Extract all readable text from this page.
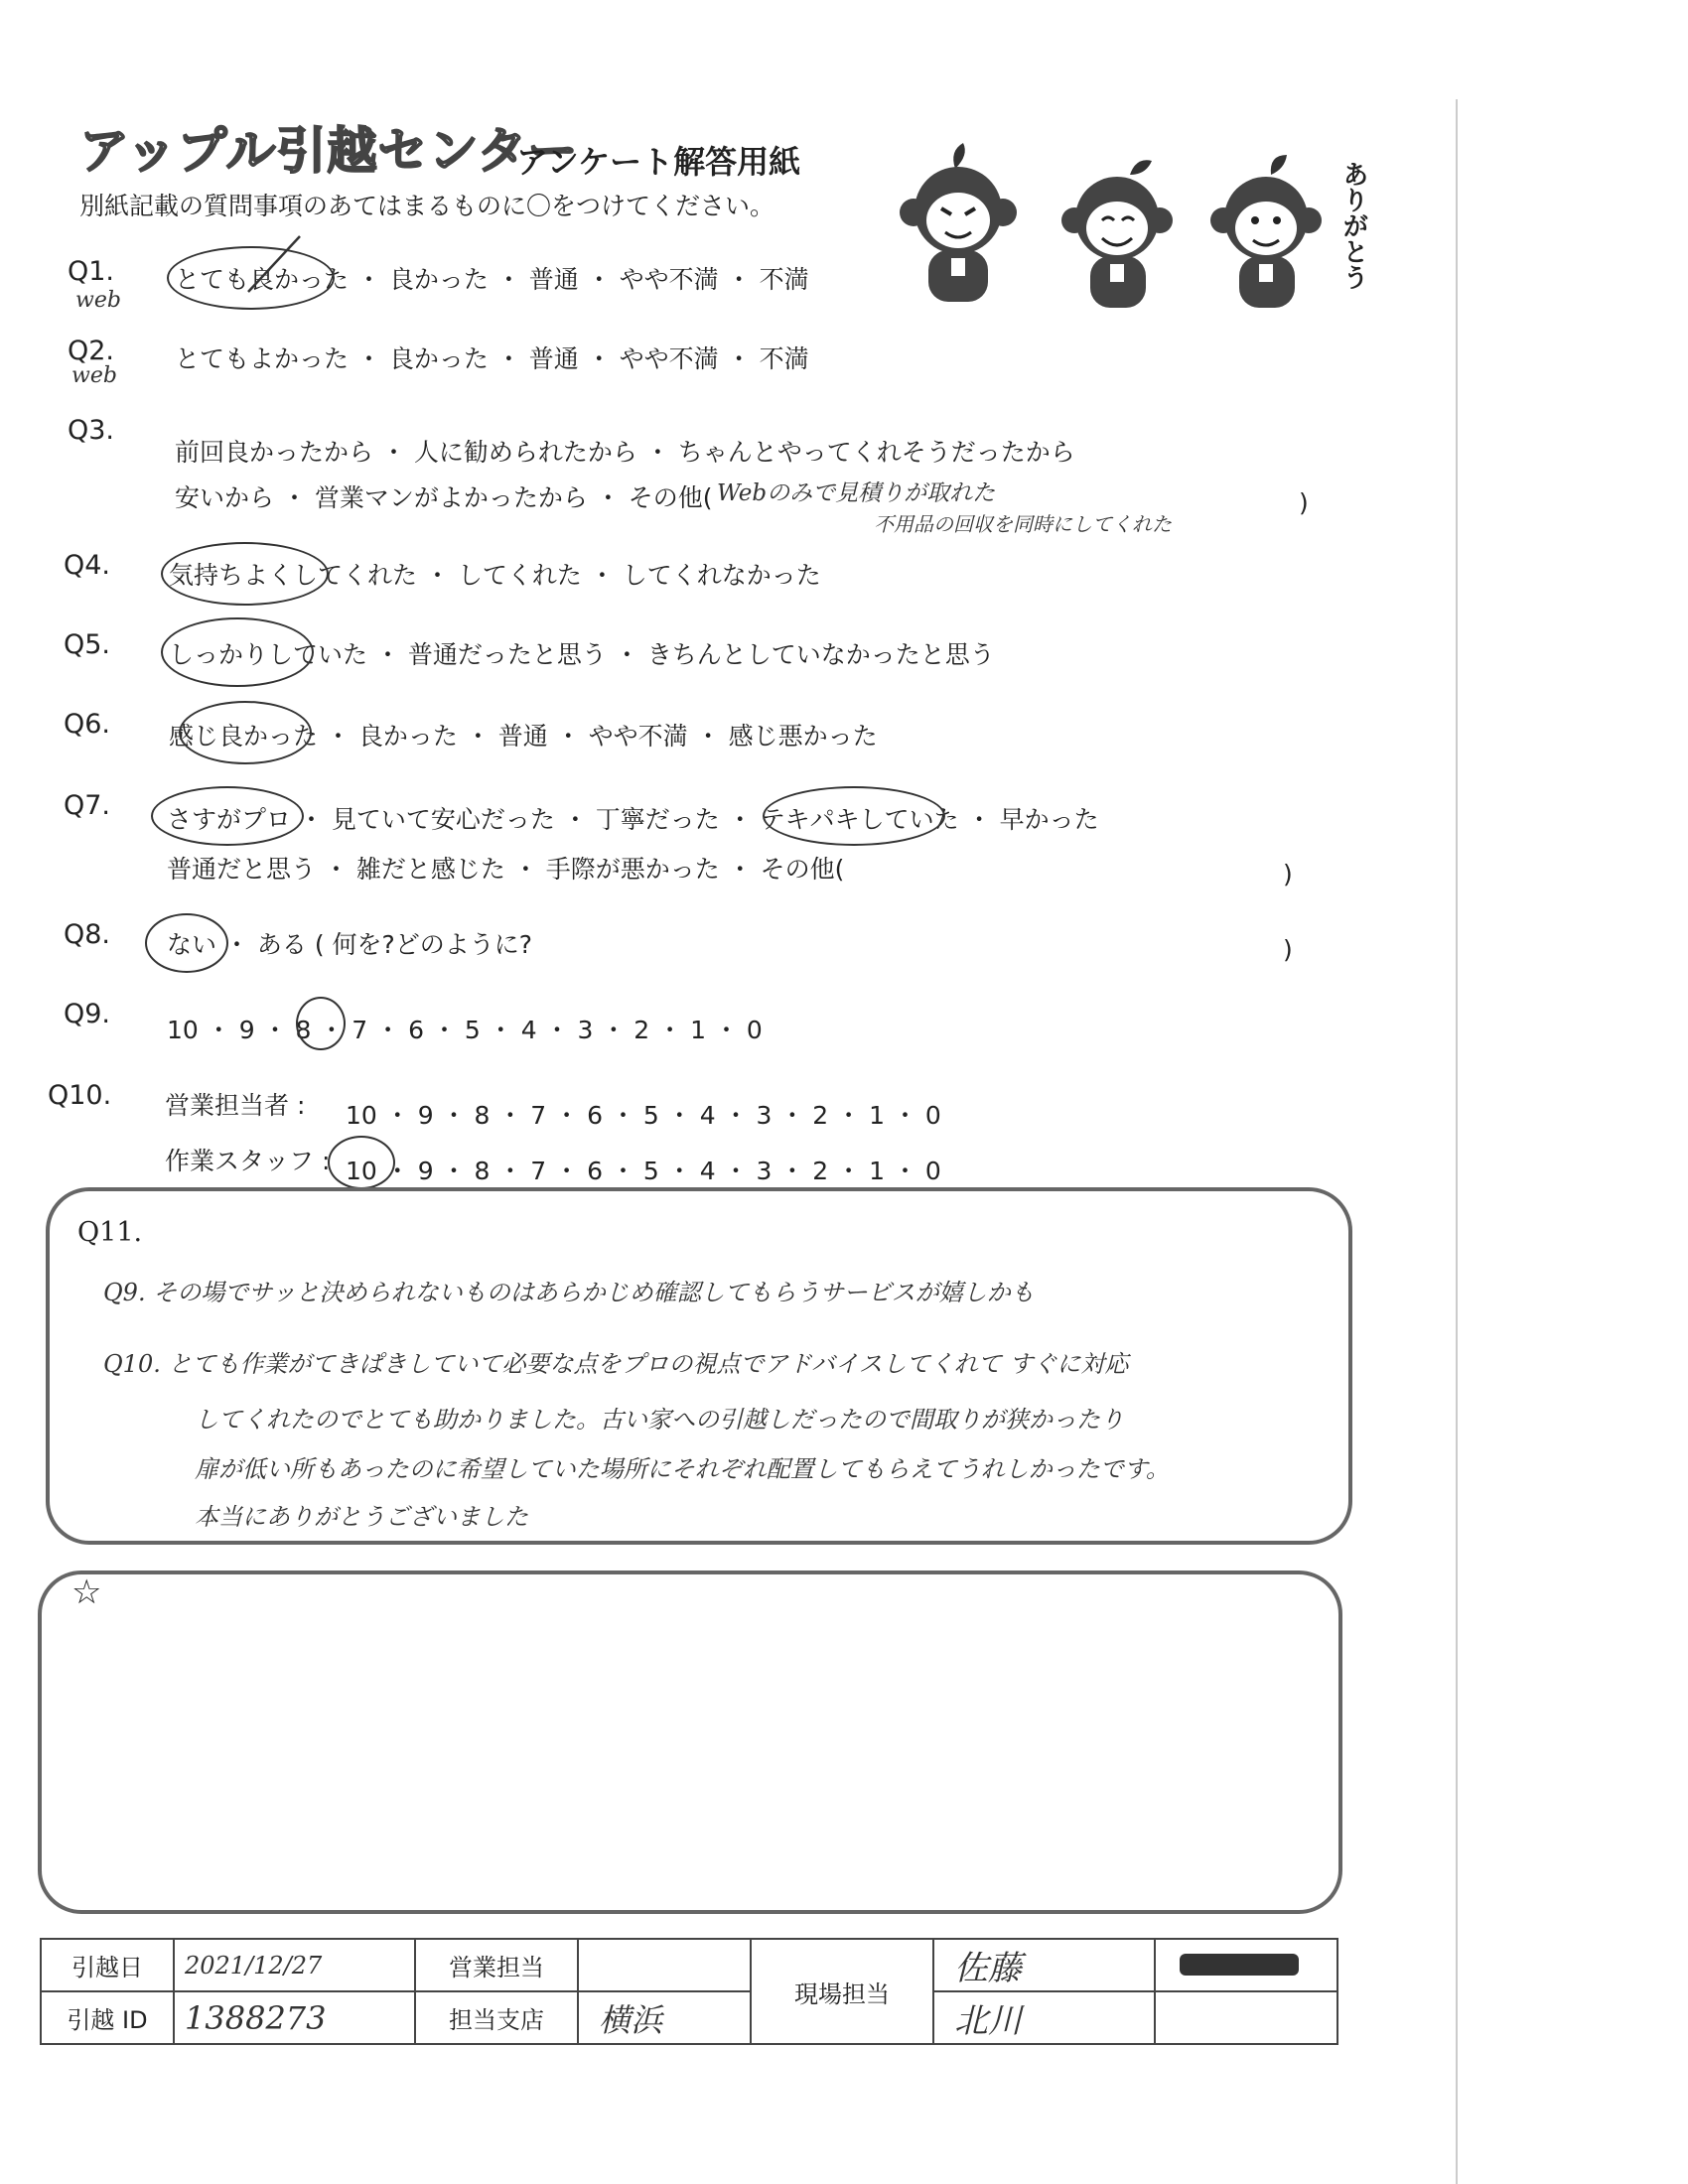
アップル引越センター
アンケート解答用紙
別紙記載の質問事項のあてはまるものに〇をつけてください。	ありがとう
Q1.
web
とても良かった ・ 良かった ・ 普通 ・ やや不満 ・ 不満
Q2.
web
とてもよかった ・ 良かった ・ 普通 ・ やや不満 ・ 不満
Q3.
前回良かったから ・ 人に勧められたから ・ ちゃんとやってくれそうだったから
安いから ・ 営業マンがよかったから ・ その他( Webのみで見積りが取れた
不用品の回収を同時にしてくれた
)
Q4. 気持ちよくしてくれた ・ してくれた ・ してくれなかった
Q5. しっかりしていた ・ 普通だったと思う ・ きちんとしていなかったと思う
Q6. 感じ良かった ・ 良かった ・ 普通 ・ やや不満 ・ 感じ悪かった
Q7. さすがプロ ・ 見ていて安心だった ・ 丁寧だった ・ テキパキしていた ・ 早かった
普通だと思う ・ 雑だと感じた ・ 手際が悪かった ・ その他(	)
Q8. ない ・ ある ( 何を?どのように?	)
Q9.
10 ・ 9 ・ 8 ・ 7 ・ 6 ・ 5 ・ 4 ・ 3 ・ 2 ・ 1 ・ 0
Q10. 営業担当者 : 10 ・ 9 ・ 8 ・ 7 ・ 6 ・ 5 ・ 4 ・ 3 ・ 2 ・ 1 ・ 0
作業スタッフ : 10 ・ 9 ・ 8 ・ 7 ・ 6 ・ 5 ・ 4 ・ 3 ・ 2 ・ 1 ・ 0
Q11.
Q9. その場でサッと決められないものはあらかじめ確認してもらうサービスが嬉しかも
Q10. とても作業がてきぱきしていて必要な点をプロの視点でアドバイスしてくれて すぐに対応
してくれたのでとても助かりました。古い家への引越しだったので間取りが狭かったり
扉が低い所もあったのに希望していた場所にそれぞれ配置してもらえてうれしかったです。
本当にありがとうございました
☆
引越日	2021/12/27	営業担当		現場担当	佐藤	

引越 ID	1388273	担当支店	横浜		北川	
